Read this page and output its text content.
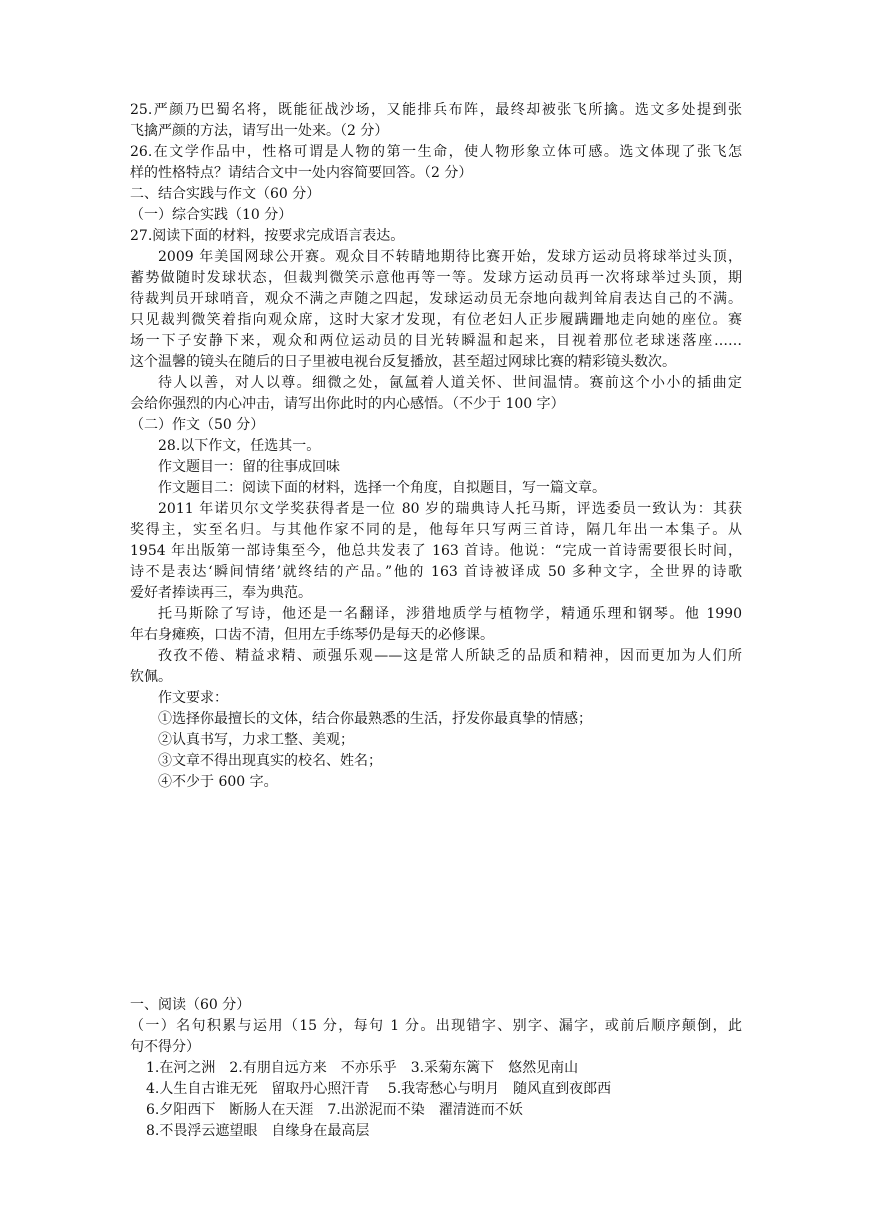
25.严颜乃巴蜀名将，既能征战沙场，又能排兵布阵，最终却被张飞所擒。选文多处提到张
飞擒严颜的方法，请写出一处来。（2 分）
26.在文学作品中，性格可谓是人物的第一生命，使人物形象立体可感。选文体现了张飞怎
样的性格特点？请结合文中一处内容简要回答。（2 分）
二、结合实践与作文（60 分）
（一）综合实践（10 分）
27.阅读下面的材料，按要求完成语言表达。
2009 年美国网球公开赛。观众目不转睛地期待比赛开始，发球方运动员将球举过头顶，
蓄势做随时发球状态，但裁判微笑示意他再等一等。发球方运动员再一次将球举过头顶，期
待裁判员开球哨音，观众不满之声随之四起，发球运动员无奈地向裁判耸肩表达自己的不满。
只见裁判微笑着指向观众席，这时大家才发现，有位老妇人正步履蹒跚地走向她的座位。赛
场一下子安静下来，观众和两位运动员的目光转瞬温和起来，目视着那位老球迷落座……
这个温馨的镜头在随后的日子里被电视台反复播放，甚至超过网球比赛的精彩镜头数次。
待人以善，对人以尊。细微之处，氤氲着人道关怀、世间温情。赛前这个小小的插曲定
会给你强烈的内心冲击，请写出你此时的内心感悟。（不少于 100 字）
（二）作文（50 分）
28.以下作文，任选其一。
作文题目一：留的往事成回味
作文题目二：阅读下面的材料，选择一个角度，自拟题目，写一篇文章。
2011 年诺贝尔文学奖获得者是一位 80 岁的瑞典诗人托马斯，评选委员一致认为：其获
奖得主，实至名归。与其他作家不同的是，他每年只写两三首诗，隔几年出一本集子。从
1954 年出版第一部诗集至今，他总共发表了 163 首诗。他说：“完成一首诗需要很长时间，
诗不是表达‘瞬间情绪’就终结的产品。”他的 163 首诗被译成 50 多种文字，全世界的诗歌
爱好者捧读再三，奉为典范。
托马斯除了写诗，他还是一名翻译，涉猎地质学与植物学，精通乐理和钢琴。他 1990
年右身瘫痪，口齿不清，但用左手练琴仍是每天的必修课。
孜孜不倦、精益求精、顽强乐观——这是常人所缺乏的品质和精神，因而更加为人们所
钦佩。
作文要求：
①选择你最擅长的文体，结合你最熟悉的生活，抒发你最真挚的情感；
②认真书写，力求工整、美观；
③文章不得出现真实的校名、姓名；
④不少于 600 字。
一、阅读（60 分）
（一）名句积累与运用（15 分，每句 1 分。出现错字、别字、漏字，或前后顺序颠倒，此
句不得分）
1.在河之洲　2.有朋自远方来　不亦乐乎　3.采菊东篱下　悠然见南山
4.人生自古谁无死　留取丹心照汗青　 5.我寄愁心与明月　随风直到夜郎西
6.夕阳西下　断肠人在天涯　7.出淤泥而不染　濯清涟而不妖
8.不畏浮云遮望眼　自缘身在最高层
